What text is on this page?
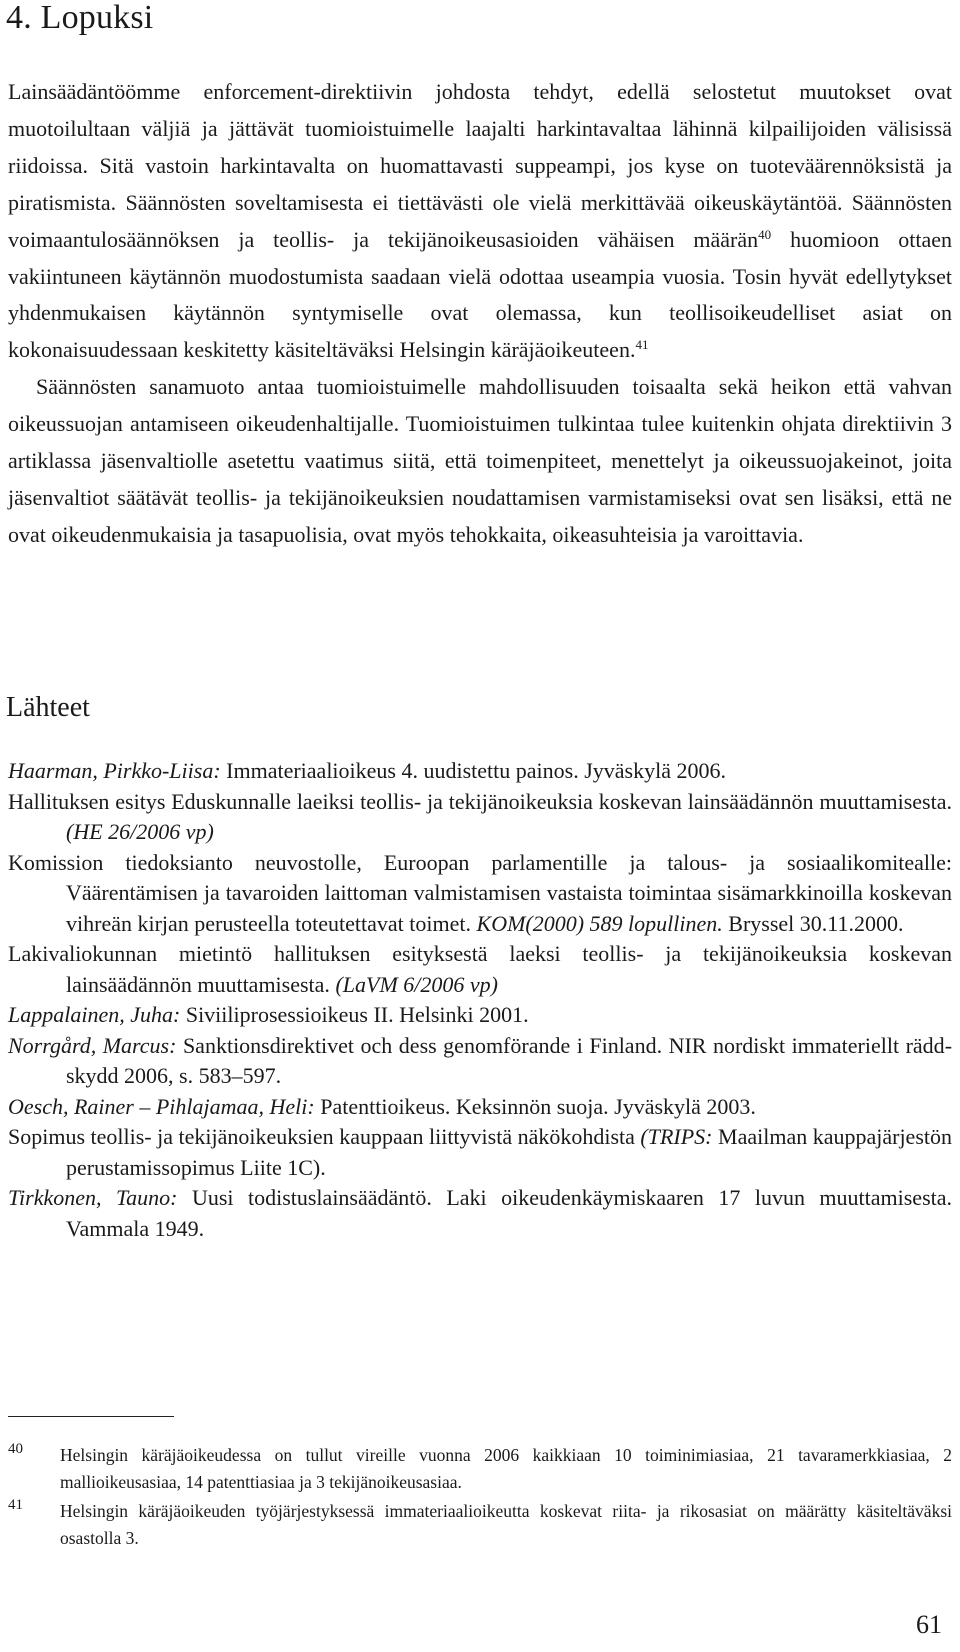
4. Lopuksi

Lainsäädäntöömme enforcement-direktiivin johdosta tehdyt, edellä selostetut muutokset ovat muotoilultaan väljiä ja jättävät tuomioistuimelle laajalti harkintavaltaa lähinnä kilpailijoiden välisissä riidoissa. Sitä vastoin harkintavalta on huomattavasti suppeampi, jos kyse on tuoteväärennöksistä ja piratismista. Säännösten soveltamisesta ei tiettävästi ole vielä merkittävää oikeuskäytäntöä. Säännösten voimaantulosäännöksen ja teollis- ja tekijänoikeusasioiden vähäisen määrän$^{40}$ huomioon ottaen vakiintuneen käytännön muodostumista saadaan vielä odottaa useampia vuosia. Tosin hyvät edellytykset yhdenmukaisen käytännön syntymiselle ovat olemassa, kun teollisoikeudelliset asiat on kokonaisuudessaan keskitetty käsiteltäväksi Helsingin käräjäoikeuteen.$^{41}$

Säännösten sanamuoto antaa tuomioistuimelle mahdollisuuden toisaalta sekä heikon että vahvan oikeussuojan antamiseen oikeudenhaltijalle. Tuomioistuimen tulkintaa tulee kuitenkin ohjata direktiivin 3 artiklassa jäsenvaltiolle asetettu vaatimus siitä, että toimenpiteet, menettelyt ja oikeussuojakeinot, joita jäsenvaltiot säätävät teollis- ja tekijänoikeuksien noudattamisen varmistamiseksi ovat sen lisäksi, että ne ovat oikeudenmukaisia ja tasapuolisia, ovat myös tehokkaita, oikeasuhteisia ja varoittavia.

Lähteet
Haarman, Pirkko-Liisa: Immateriaalioikeus 4. uudistettu painos. Jyväskylä 2006.
Hallituksen esitys Eduskunnalle laeiksi teollis- ja tekijänoikeuksia koskevan lainsäädännön muuttamisesta. (HE 26/2006 vp)
Komission tiedoksianto neuvostolle, Euroopan parlamentille ja talous- ja sosiaalikomitealle: Väärentämisen ja tavaroiden laittoman valmistamisen vastaista toimintaa sisämarkkinoilla koskevan vihreän kirjan perusteella toteutettavat toimet. KOM(2000) 589 lopullinen. Bryssel 30.11.2000.
Lakivaliokunnan mietintö hallituksen esityksestä laeksi teollis- ja tekijänoikeuksia koskevan lainsäädännön muuttamisesta. (LaVM 6/2006 vp)
Lappalainen, Juha: Siviiliprosessioikeus II. Helsinki 2001.
Norrgård, Marcus: Sanktionsdirektivet och dess genomförande i Finland. NIR nordiskt immateriellt räddskydd 2006, s. 583–597.
Oesch, Rainer – Pihlajamaa, Heli: Patenttioikeus. Keksinnön suoja. Jyväskylä 2003.
Sopimus teollis- ja tekijänoikeuksien kauppaan liittyvistä näkökohdista (TRIPS: Maailman kauppajärjestön perustamissopimus Liite 1C).
Tirkkonen, Tauno: Uusi todistuslainsäädäntö. Laki oikeudenkäymiskaaren 17 luvun muuttamisesta. Vammala 1949.
40 Helsingin käräjäoikeudessa on tullut vireille vuonna 2006 kaikkiaan 10 toiminimiasiaa, 21 tavaramerkkiasiaa, 2 mallioikeusasiaa, 14 patenttiasiaa ja 3 tekijänoikeusasiaa.
41 Helsingin käräjäoikeuden työjärjestyksessä immateriaalioikeutta koskevat riita- ja rikosasiat on määrätty käsiteltäväksi osastolla 3.
61
